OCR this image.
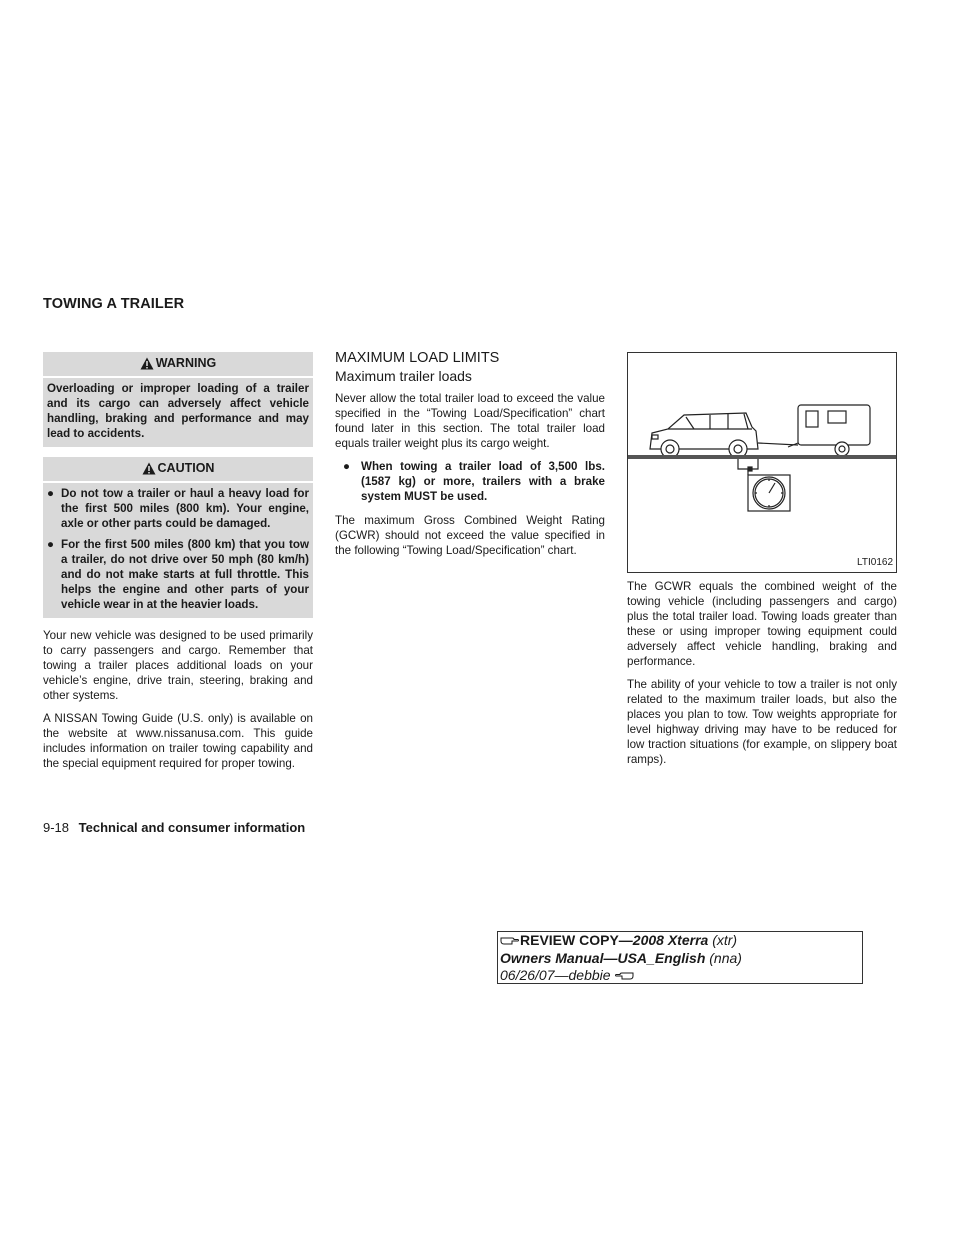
TOWING A TRAILER
WARNING
Overloading or improper loading of a trailer and its cargo can adversely affect vehicle handling, braking and performance and may lead to accidents.
CAUTION
● Do not tow a trailer or haul a heavy load for the first 500 miles (800 km). Your engine, axle or other parts could be damaged.
● For the first 500 miles (800 km) that you tow a trailer, do not drive over 50 mph (80 km/h) and do not make starts at full throttle. This helps the engine and other parts of your vehicle wear in at the heavier loads.

Your new vehicle was designed to be used primarily to carry passengers and cargo. Remember that towing a trailer places additional loads on your vehicle’s engine, drive train, steering, braking and other systems.

A NISSAN Towing Guide (U.S. only) is available on the website at www.nissanusa.com. This guide includes information on trailer towing capability and the special equipment required for proper towing.

MAXIMUM LOAD LIMITS
Maximum trailer loads

Never allow the total trailer load to exceed the value specified in the “Towing Load/Specification” chart found later in this section. The total trailer load equals trailer weight plus its cargo weight.

● When towing a trailer load of 3,500 lbs. (1587 kg) or more, trailers with a brake system MUST be used.

The maximum Gross Combined Weight Rating (GCWR) should not exceed the value specified in the following “Towing Load/Specification” chart.

LTI0162

The GCWR equals the combined weight of the towing vehicle (including passengers and cargo) plus the total trailer load. Towing loads greater than these or using improper towing equipment could adversely affect vehicle handling, braking and performance.

The ability of your vehicle to tow a trailer is not only related to the maximum trailer loads, but also the places you plan to tow. Tow weights appropriate for level highway driving may have to be reduced for low traction situations (for example, on slippery boat ramps).

9-18 Technical and consumer information
REVIEW COPY—2008 Xterra (xtr)
Owners Manual—USA_English (nna)
06/26/07—debbie
